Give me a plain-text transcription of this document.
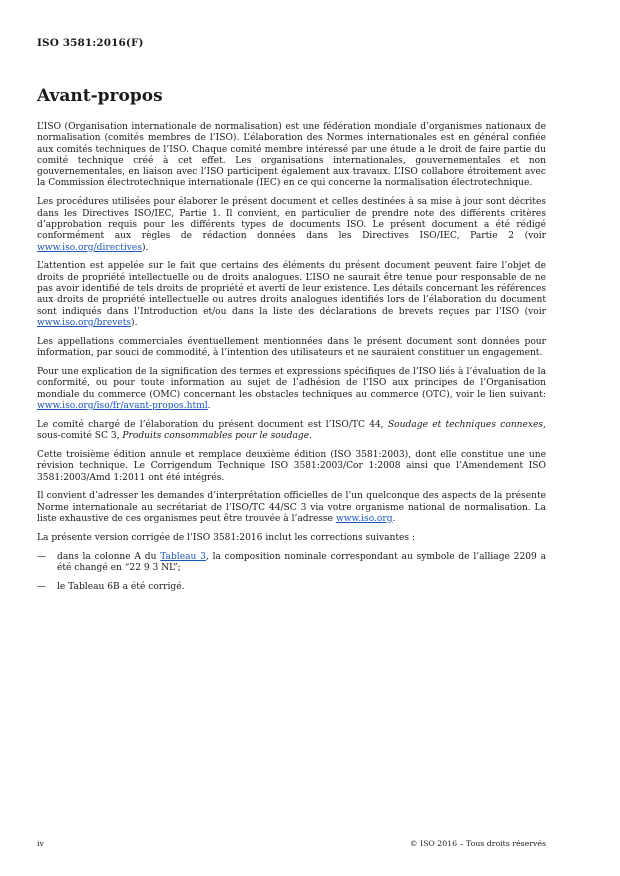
ISO 3581:2016(F)
Avant-propos

L’ISO (Organisation internationale de normalisation) est une fédération mondiale d’organismes nationaux de normalisation (comités membres de l’ISO). L’élaboration des Normes internationales est en général confiée aux comités techniques de l’ISO. Chaque comité membre intéressé par une étude a le droit de faire partie du comité technique créé à cet effet. Les organisations internationales, gouvernementales et non gouvernementales, en liaison avec l’ISO participent également aux travaux. L’ISO collabore étroitement avec la Commission électrotechnique internationale (IEC) en ce qui concerne la normalisation électrotechnique.

Les procédures utilisées pour élaborer le présent document et celles destinées à sa mise à jour sont décrites dans les Directives ISO/IEC, Partie 1. Il convient, en particulier de prendre note des différents critères d’approbation requis pour les différents types de documents ISO. Le présent document a été rédigé conformément aux règles de rédaction données dans les Directives ISO/IEC, Partie 2 (voir www.iso.org/directives).

L’attention est appelée sur le fait que certains des éléments du présent document peuvent faire l’objet de droits de propriété intellectuelle ou de droits analogues. L’ISO ne saurait être tenue pour responsable de ne pas avoir identifié de tels droits de propriété et averti de leur existence. Les détails concernant les références aux droits de propriété intellectuelle ou autres droits analogues identifiés lors de l’élaboration du document sont indiqués dans l’Introduction et/ou dans la liste des déclarations de brevets reçues par l’ISO (voir www.iso.org/brevets).

Les appellations commerciales éventuellement mentionnées dans le présent document sont données pour information, par souci de commodité, à l’intention des utilisateurs et ne sauraient constituer un engagement.

Pour une explication de la signification des termes et expressions spécifiques de l’ISO liés à l’évaluation de la conformité, ou pour toute information au sujet de l’adhésion de l’ISO aux principes de l’Organisation mondiale du commerce (OMC) concernant les obstacles techniques au commerce (OTC), voir le lien suivant: www.iso.org/iso/fr/avant-propos.html.

Le comité chargé de l’élaboration du présent document est l’ISO/TC 44, Soudage et techniques connexes, sous-comité SC 3, Produits consommables pour le soudage.

Cette troisième édition annule et remplace deuxième édition (ISO 3581:2003), dont elle constitue une une révision technique. Le Corrigendum Technique ISO 3581:2003/Cor 1:2008 ainsi que l’Amendement ISO 3581:2003/Amd 1:2011 ont été intégrés.

Il convient d’adresser les demandes d’interprétation officielles de l’un quelconque des aspects de la présente Norme internationale au secrétariat de l’ISO/TC 44/SC 3 via votre organisme national de normalisation. La liste exhaustive de ces organismes peut être trouvée à l’adresse www.iso.org.

La présente version corrigée de l’ISO 3581:2016 inclut les corrections suivantes :

—	dans la colonne A du Tableau 3, la composition nominale correspondant au symbole de l’alliage 2209 a été changé en “22 9 3 NL”;
—	le Tableau 6B a été corrigé.
iv	© ISO 2016 – Tous droits réservés
